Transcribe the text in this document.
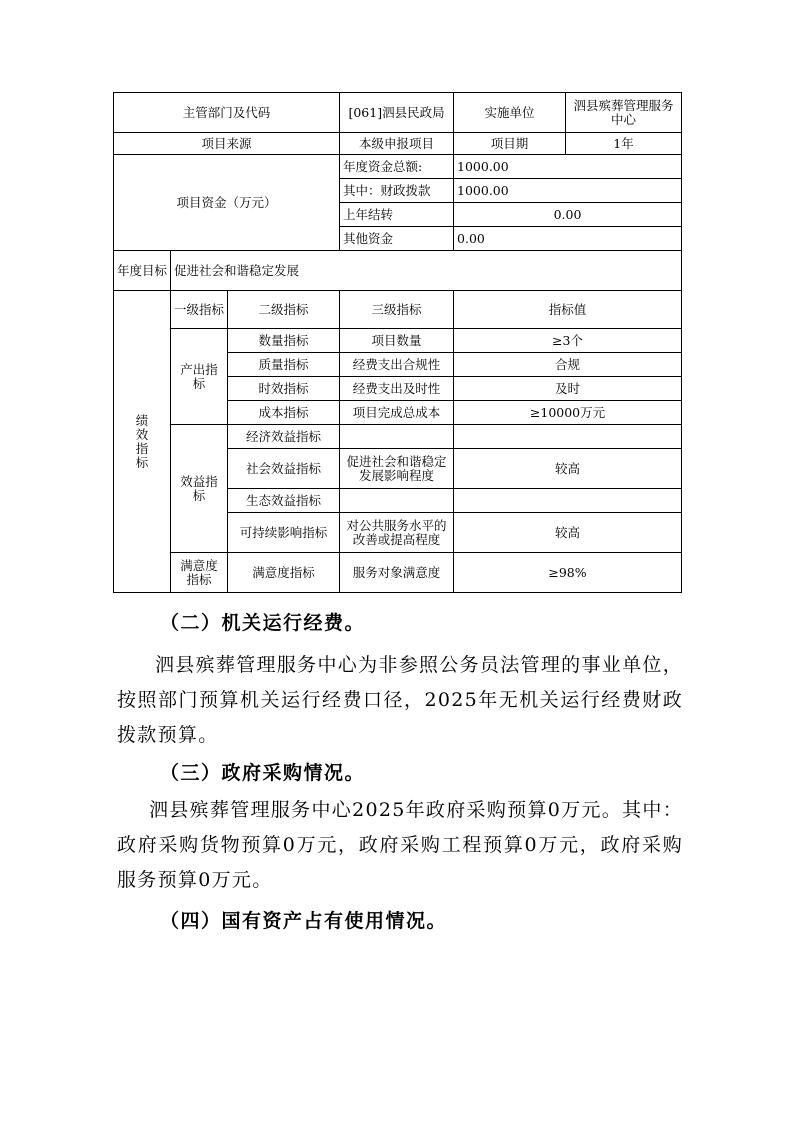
主管部门及代码			[061]泗县民政局	实施单位	泗县殡葬管理服务中心
项目来源			本级申报项目	项目期	1年
项目资金（万元）			年度资金总额:	1000.00	
			其中：财政拨款	1000.00	
			上年结转	0.00	
			其他资金	0.00	
年度目标	促进社会和谐稳定发展				
绩效指标	一级指标	二级指标	三级指标	指标值	
	产出指标	数量指标	项目数量	≥3个	
		质量指标	经费支出合规性	合规	
		时效指标	经费支出及时性	及时	
		成本指标	项目完成总成本	≥10000万元	
	效益指标	经济效益指标			
		社会效益指标	促进社会和谐稳定发展影响程度	较高	
		生态效益指标			
		可持续影响指标	对公共服务水平的改善或提高程度	较高	
	满意度指标	满意度指标	服务对象满意度	≥98%	

（二）机关运行经费。

泗县殡葬管理服务中心为非参照公务员法管理的事业单位，按照部门预算机关运行经费口径，2025年无机关运行经费财政拨款预算。

（三）政府采购情况。

泗县殡葬管理服务中心2025年政府采购预算0万元。其中：政府采购货物预算0万元，政府采购工程预算0万元，政府采购服务预算0万元。

（四）国有资产占有使用情况。
